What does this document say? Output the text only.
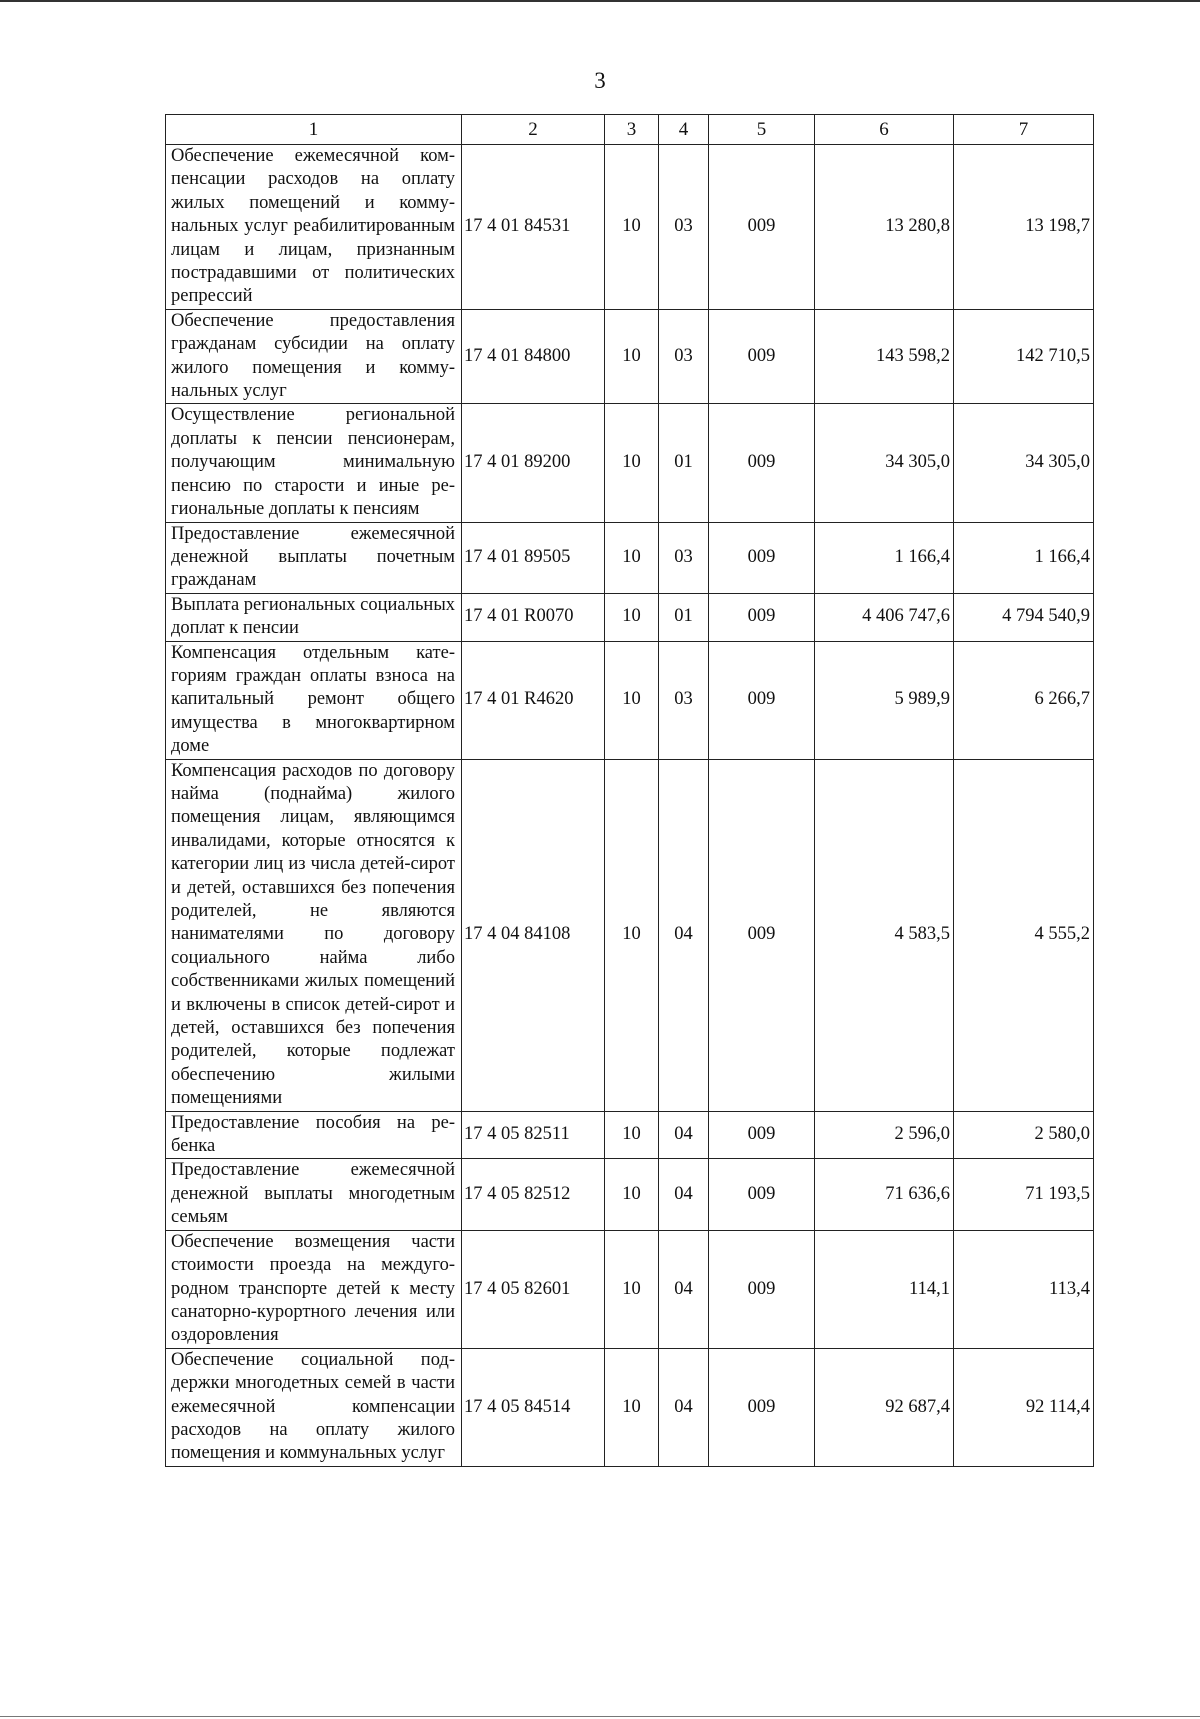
3
1	2	3	4	5	6	7
Обеспечение ежемесячной компенсации расходов на оплату жилых помещений и коммунальных услуг реабилитированным лицам и лицам, признанным пострадавшими от политических репрессий	17 4 01 84531	10	03	009	13 280,8	13 198,7
Обеспечение предоставления гражданам субсидии на оплату жилого помещения и коммунальных услуг	17 4 01 84800	10	03	009	143 598,2	142 710,5
Осуществление региональной доплаты к пенсии пенсионерам, получающим минимальную пенсию по старости и иные региональные доплаты к пенсиям	17 4 01 89200	10	01	009	34 305,0	34 305,0
Предоставление ежемесячной денежной выплаты почетным гражданам	17 4 01 89505	10	03	009	1 166,4	1 166,4
Выплата региональных социальных доплат к пенсии	17 4 01 R0070	10	01	009	4 406 747,6	4 794 540,9
Компенсация отдельным категориям граждан оплаты взноса на капитальный ремонт общего имущества в многоквартирном доме	17 4 01 R4620	10	03	009	5 989,9	6 266,7
Компенсация расходов по договору найма (поднайма) жилого помещения лицам, являющимся инвалидами, которые относятся к категории лиц из числа детей-сирот и детей, оставшихся без попечения родителей, не являются нанимателями по договору социального найма либо собственниками жилых помещений и включены в список детей-сирот и детей, оставшихся без попечения родителей, которые подлежат обеспечению жилыми помещениями	17 4 04 84108	10	04	009	4 583,5	4 555,2
Предоставление пособия на ребенка	17 4 05 82511	10	04	009	2 596,0	2 580,0
Предоставление ежемесячной денежной выплаты многодетным семьям	17 4 05 82512	10	04	009	71 636,6	71 193,5
Обеспечение возмещения части стоимости проезда на междугородном транспорте детей к месту санаторно-курортного лечения или оздоровления	17 4 05 82601	10	04	009	114,1	113,4
Обеспечение социальной поддержки многодетных семей в части ежемесячной компенсации расходов на оплату жилого помещения и коммунальных услуг	17 4 05 84514	10	04	009	92 687,4	92 114,4
